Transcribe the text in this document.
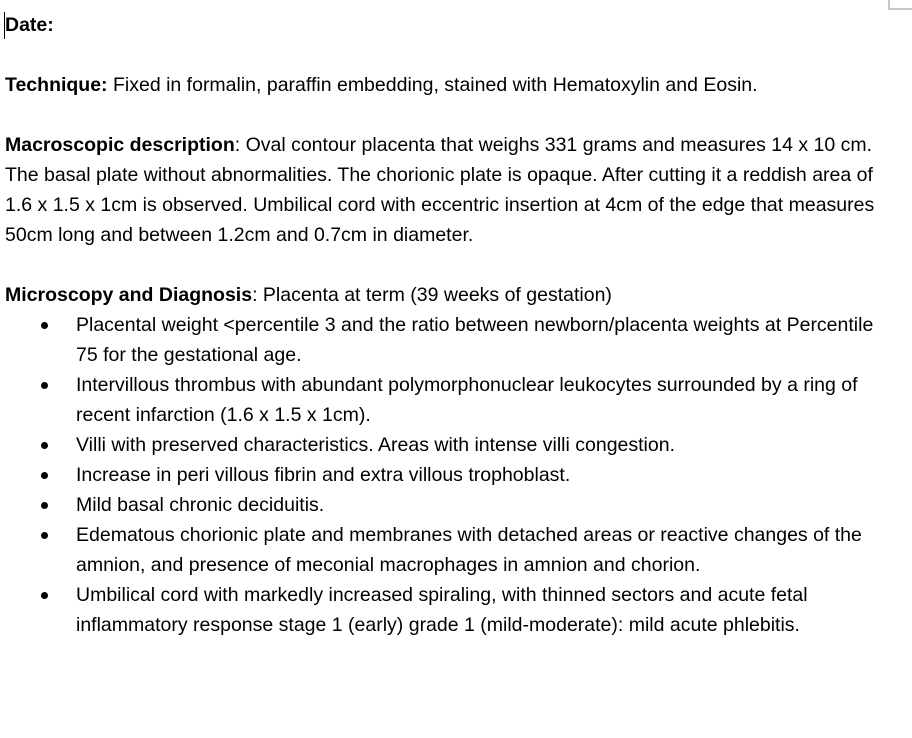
Date:

Technique: Fixed in formalin, paraffin embedding, stained with Hematoxylin and Eosin.

Macroscopic description: Oval contour placenta that weighs 331 grams and measures 14 x 10 cm. The basal plate without abnormalities. The chorionic plate is opaque. After cutting it a reddish area of 1.6 x 1.5 x 1cm is observed. Umbilical cord with eccentric insertion at 4cm of the edge that measures 50cm long and between 1.2cm and 0.7cm in diameter.

Microscopy and Diagnosis: Placenta at term (39 weeks of gestation)

Placental weight <percentile 3 and the ratio between newborn/placenta weights at Percentile 75 for the gestational age.
Intervillous thrombus with abundant polymorphonuclear leukocytes surrounded by a ring of recent infarction (1.6 x 1.5 x 1cm).
Villi with preserved characteristics. Areas with intense villi congestion.
Increase in peri villous fibrin and extra villous trophoblast.
Mild basal chronic deciduitis.
Edematous chorionic plate and membranes with detached areas or reactive changes of the amnion, and presence of meconial macrophages in amnion and chorion.
Umbilical cord with markedly increased spiraling, with thinned sectors and acute fetal inflammatory response stage 1 (early) grade 1 (mild-moderate): mild acute phlebitis.
